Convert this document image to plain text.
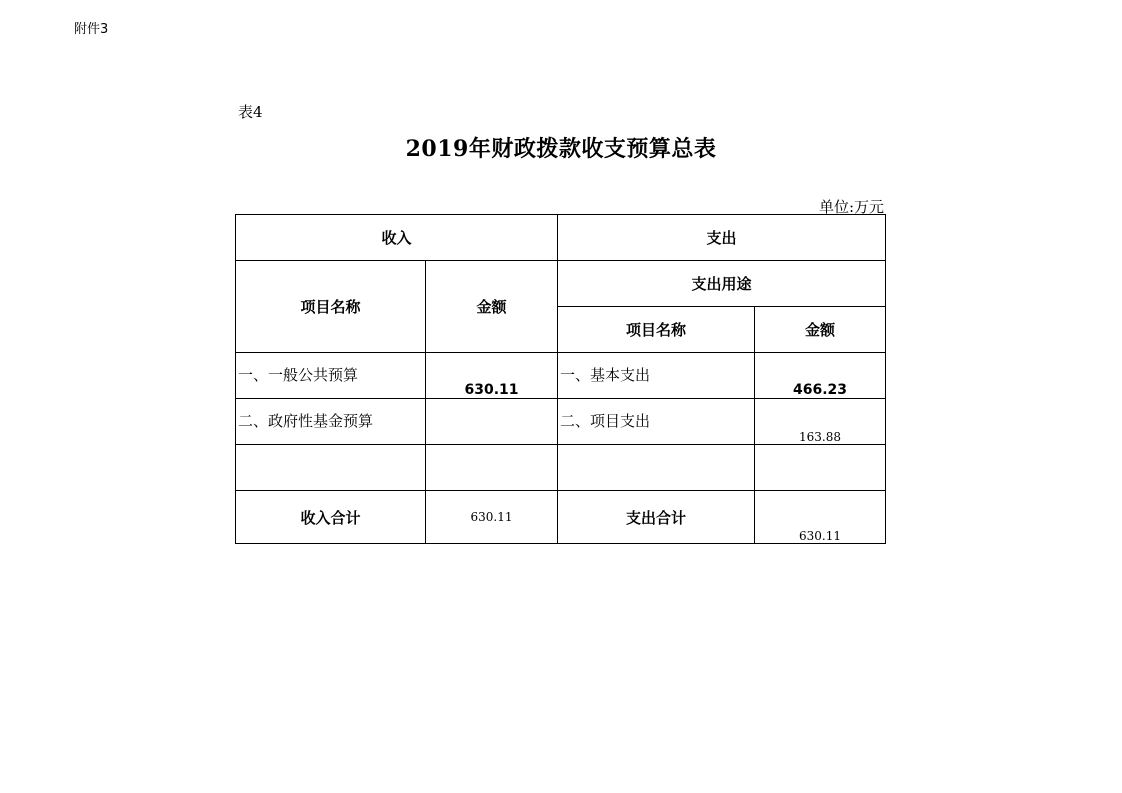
附件3
表4
2019年财政拨款收支预算总表
单位:万元
收入		支出	
项目名称	金额	支出用途	
		项目名称	金额
一、一般公共预算	630.11	一、基本支出	466.23
二、政府性基金预算		二、项目支出	163.88

收入合计	630.11	支出合计	630.11
